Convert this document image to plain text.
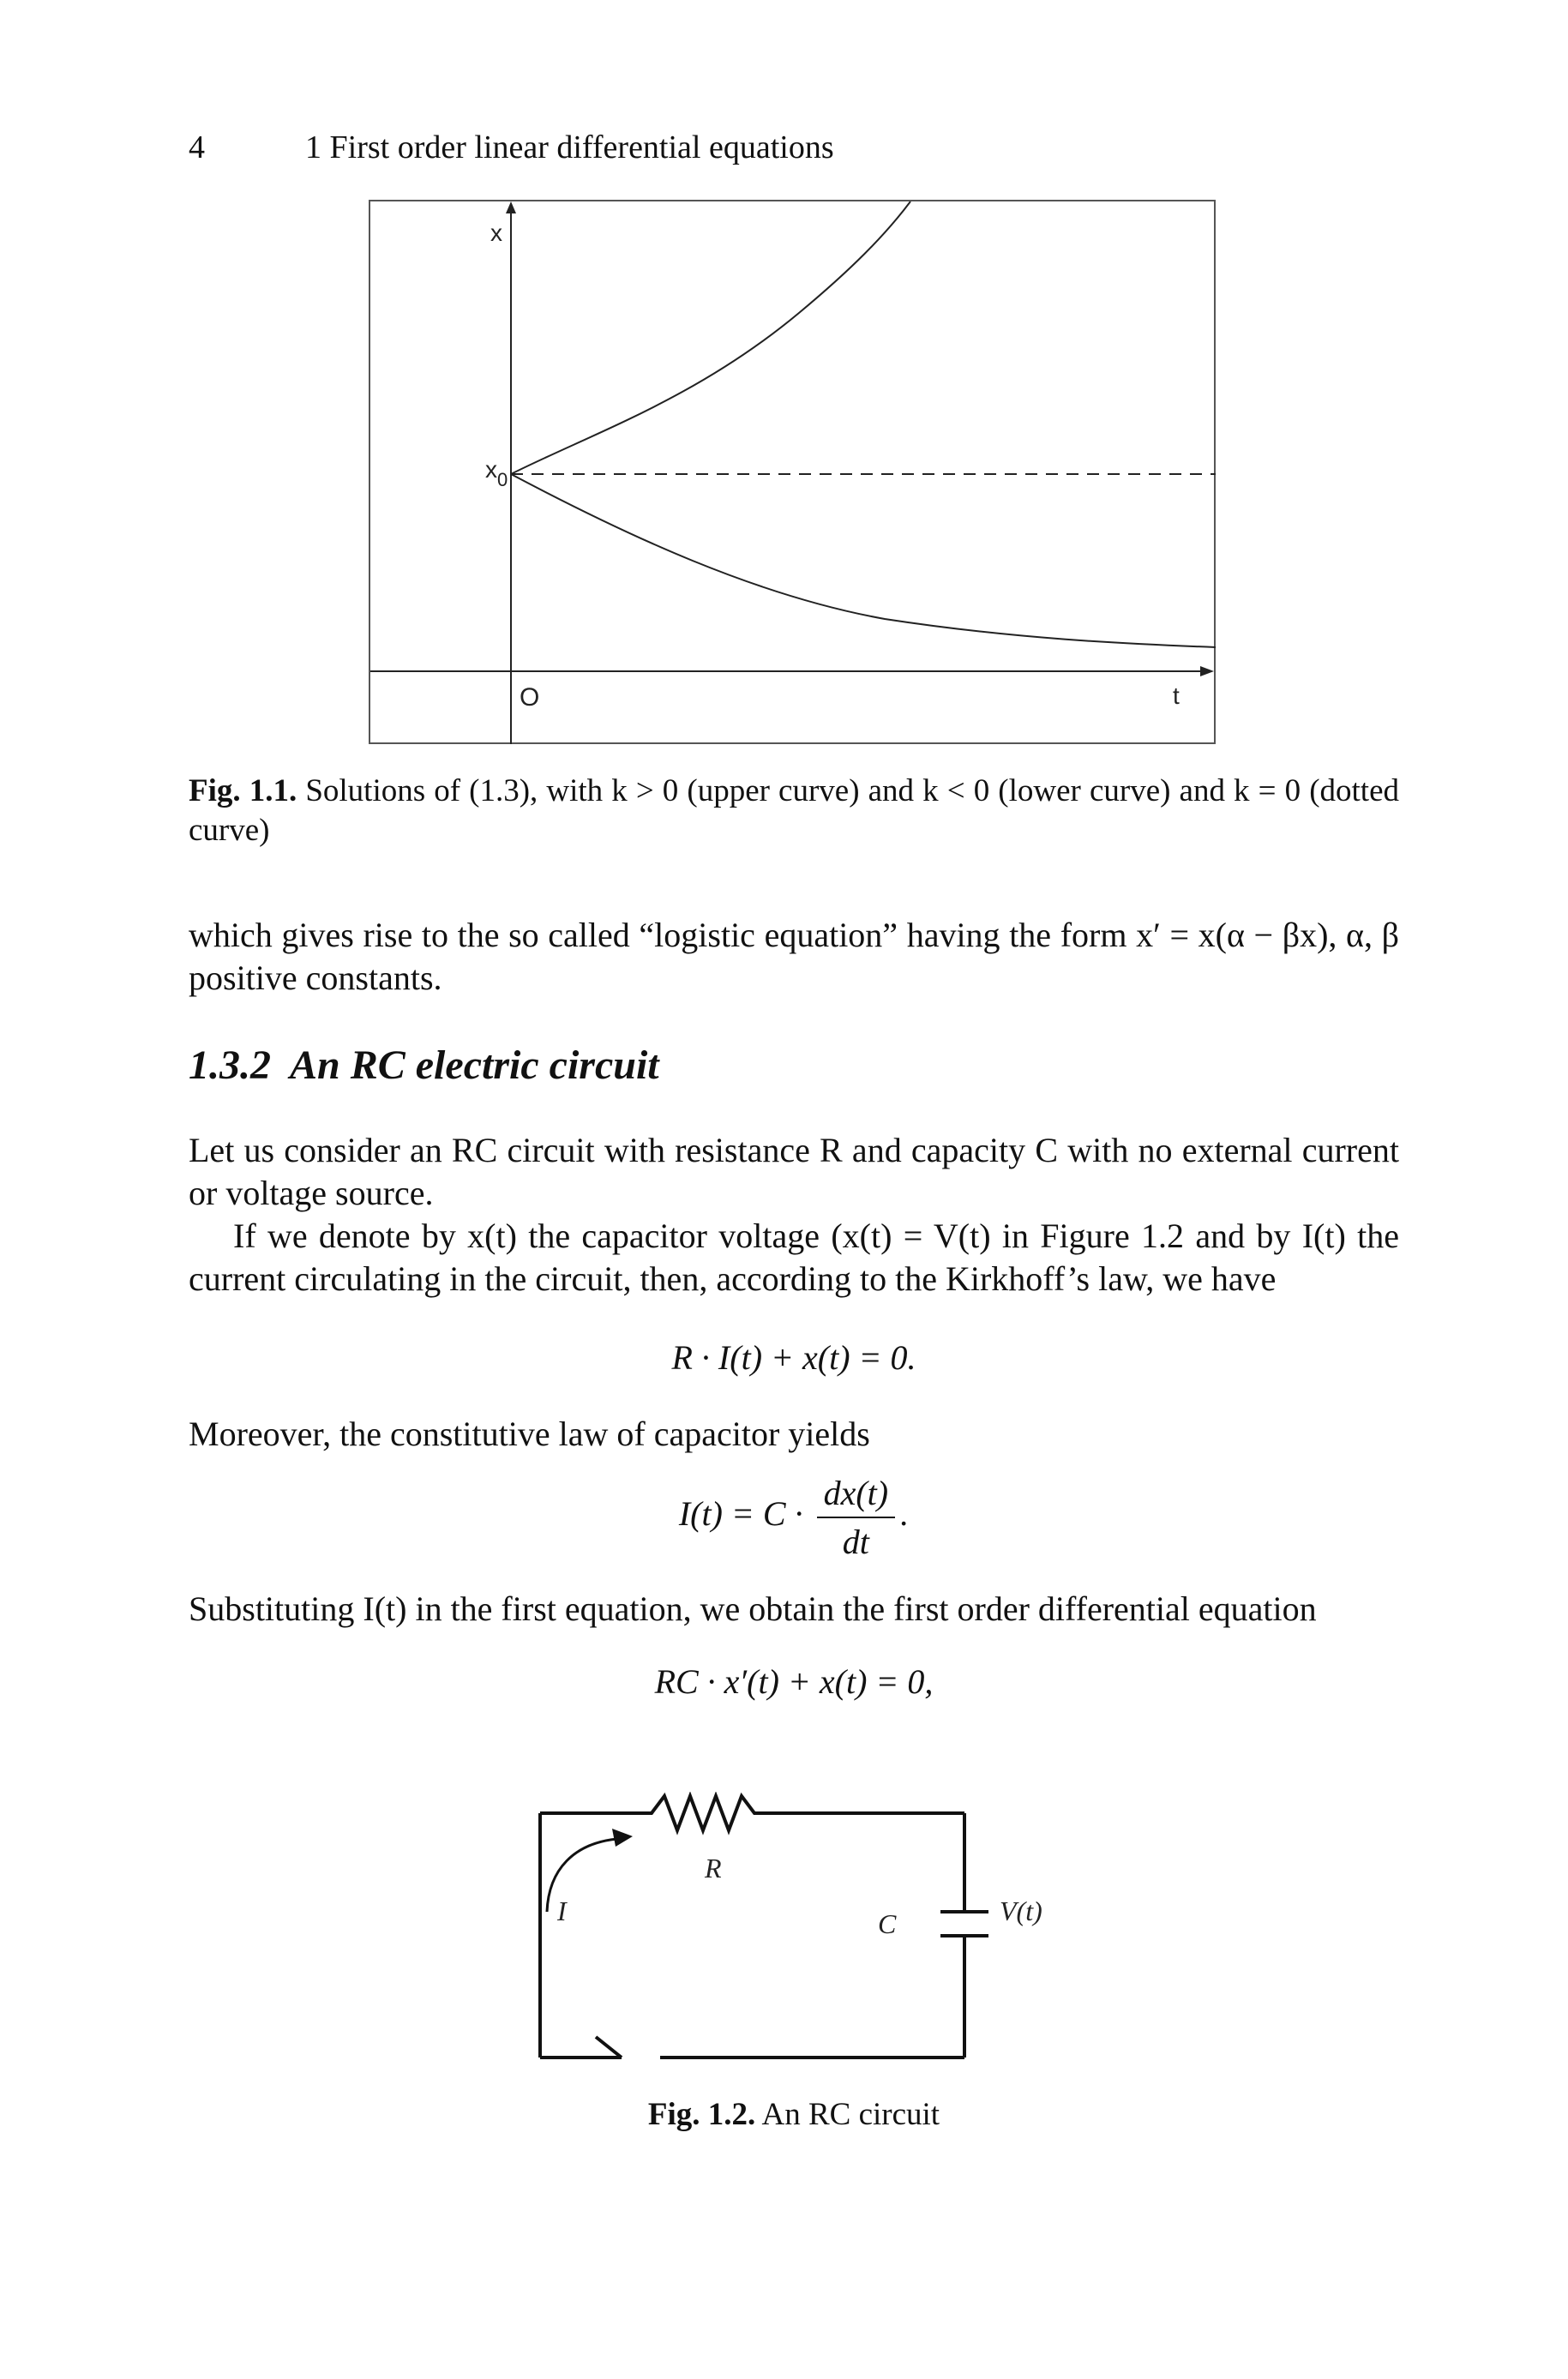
4	1 First order linear differential equations
x
$x_0$
O	t
Fig. 1.1. Solutions of (1.3), with k > 0 (upper curve) and k < 0 (lower curve) and k = 0 (dotted curve)
which gives rise to the so called “logistic equation” having the form x′ = x(α − βx), α, β positive constants.
1.3.2 An RC electric circuit
Let us consider an RC circuit with resistance R and capacity C with no external current or voltage source.
If we denote by x(t) the capacitor voltage (x(t) = V(t) in Figure 1.2 and by I(t) the current circulating in the circuit, then, according to the Kirkhoff’s law, we have
R · I(t) + x(t) = 0.
Moreover, the constitutive law of capacitor yields
$I(t) = C \cdot \frac{dx(t)}{dt}$ .
Substituting I(t) in the first equation, we obtain the first order differential equation
RC · x′(t) + x(t) = 0,
R
I	C	V(t)
Fig. 1.2. An RC circuit
